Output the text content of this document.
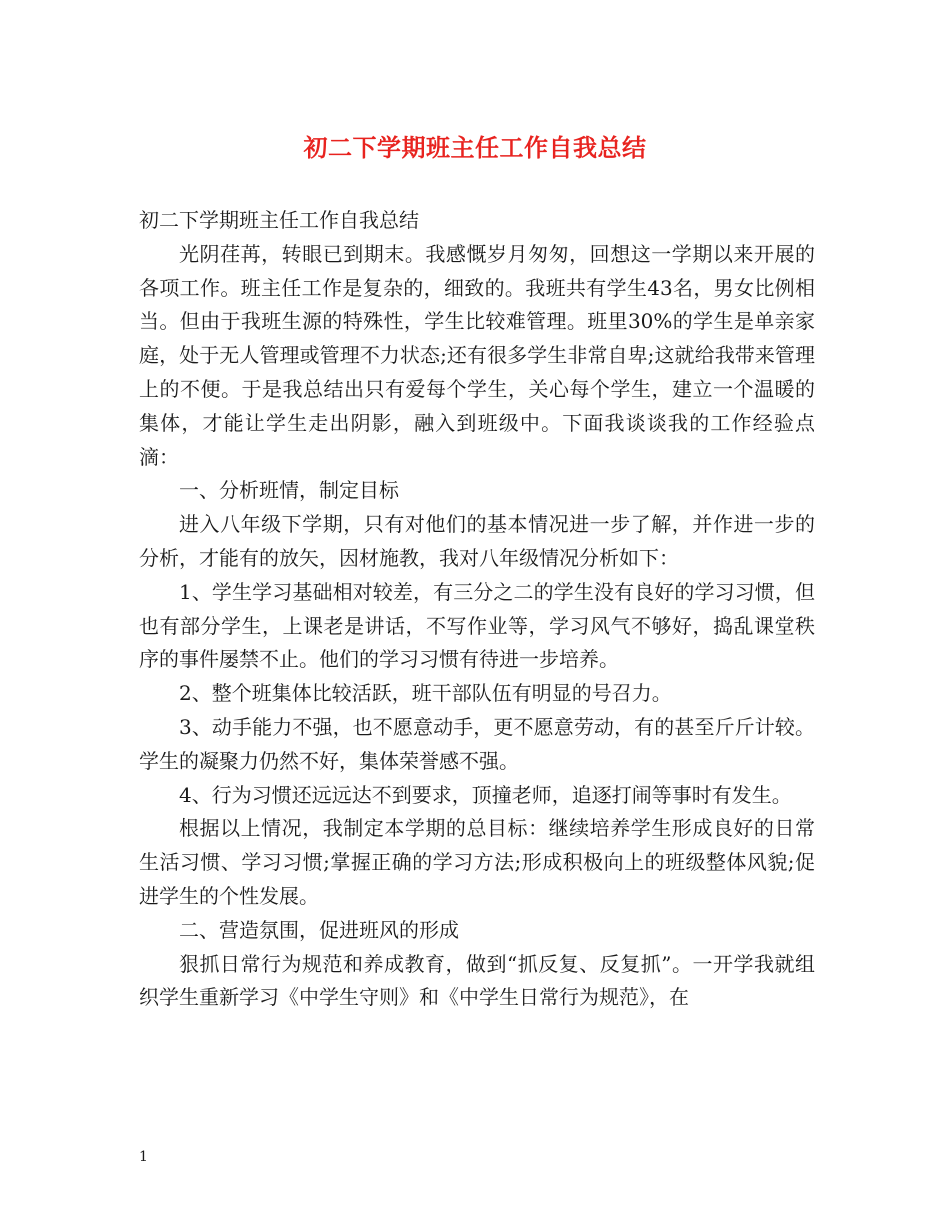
初二下学期班主任工作自我总结

初二下学期班主任工作自我总结

光阴荏苒，转眼已到期末。我感慨岁月匆匆，回想这一学期以来开展的各项工作。班主任工作是复杂的，细致的。我班共有学生43名，男女比例相当。但由于我班生源的特殊性，学生比较难管理。班里30%的学生是单亲家庭，处于无人管理或管理不力状态;还有很多学生非常自卑;这就给我带来管理上的不便。于是我总结出只有爱每个学生，关心每个学生，建立一个温暖的集体，才能让学生走出阴影，融入到班级中。下面我谈谈我的工作经验点滴：

一、分析班情，制定目标

进入八年级下学期，只有对他们的基本情况进一步了解，并作进一步的分析，才能有的放矢，因材施教，我对八年级情况分析如下：

1、学生学习基础相对较差，有三分之二的学生没有良好的学习习惯，但也有部分学生，上课老是讲话，不写作业等，学习风气不够好，捣乱课堂秩序的事件屡禁不止。他们的学习习惯有待进一步培养。

2、整个班集体比较活跃，班干部队伍有明显的号召力。

3、动手能力不强，也不愿意动手，更不愿意劳动，有的甚至斤斤计较。学生的凝聚力仍然不好，集体荣誉感不强。

4、行为习惯还远远达不到要求，顶撞老师，追逐打闹等事时有发生。

根据以上情况，我制定本学期的总目标：继续培养学生形成良好的日常生活习惯、学习习惯;掌握正确的学习方法;形成积极向上的班级整体风貌;促进学生的个性发展。

二、营造氛围，促进班风的形成

狠抓日常行为规范和养成教育，做到“抓反复、反复抓”。一开学我就组织学生重新学习《中学生守则》和《中学生日常行为规范》，在

1
